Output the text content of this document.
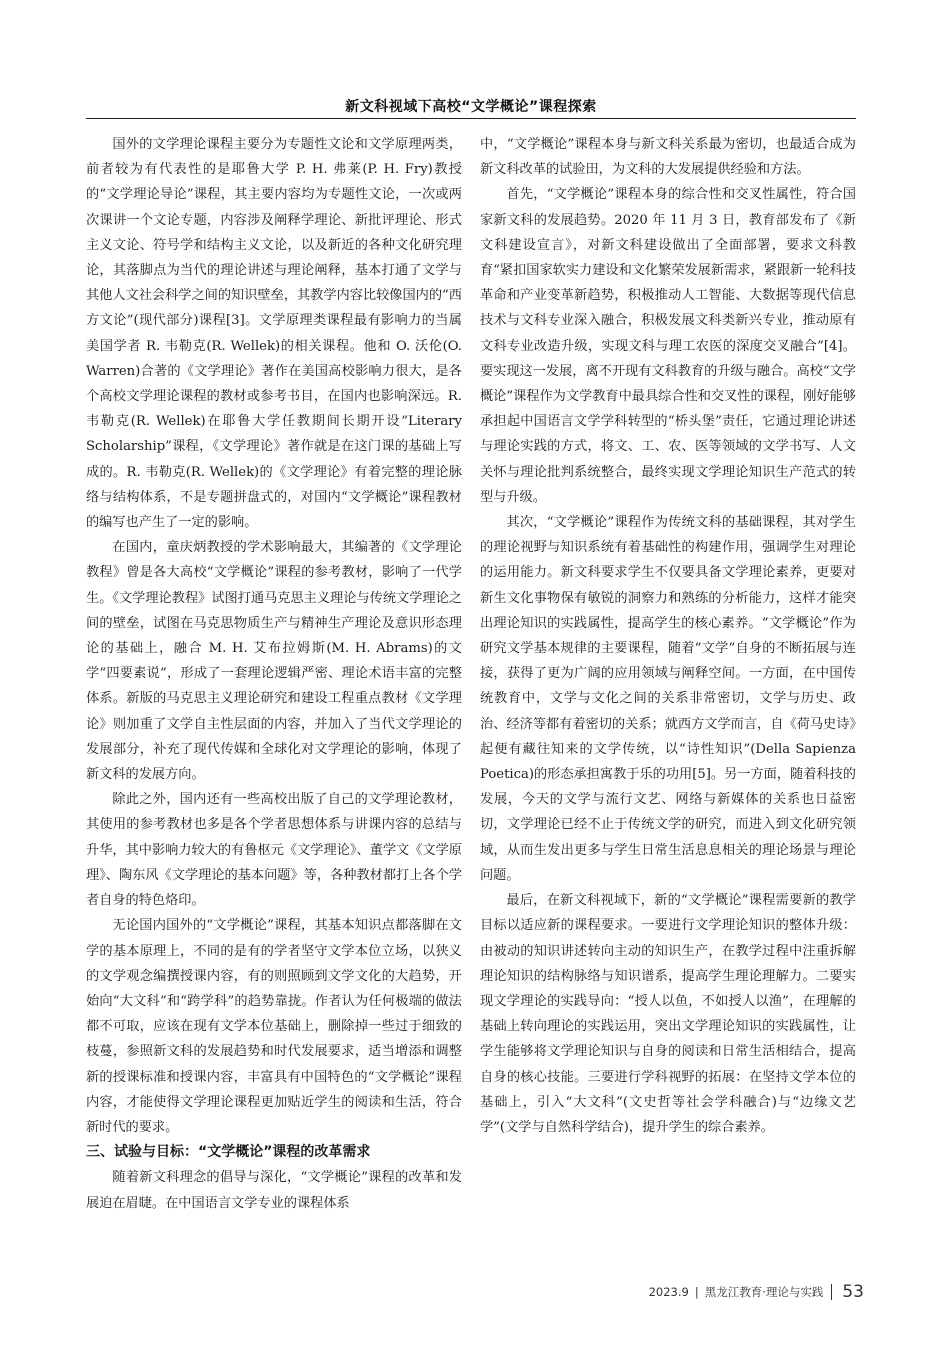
新文科视域下高校“文学概论”课程探索

国外的文学理论课程主要分为专题性文论和文学原理两类，前者较为有代表性的是耶鲁大学 P. H. 弗莱(P. H. Fry)教授的“文学理论导论”课程，其主要内容均为专题性文论，一次或两次课讲一个文论专题，内容涉及阐释学理论、新批评理论、形式主义文论、符号学和结构主义文论，以及新近的各种文化研究理论，其落脚点为当代的理论讲述与理论阐释，基本打通了文学与其他人文社会科学之间的知识壁垒，其教学内容比较像国内的“西方文论”(现代部分)课程[3]。文学原理类课程最有影响力的当属美国学者 R. 韦勒克(R. Wellek)的相关课程。他和 O. 沃伦(O. Warren)合著的《文学理论》著作在美国高校影响力很大，是各个高校文学理论课程的教材或参考书目，在国内也影响深远。R. 韦勒克(R. Wellek)在耶鲁大学任教期间长期开设“Literary Scholarship”课程，《文学理论》著作就是在这门课的基础上写成的。R. 韦勒克(R. Wellek)的《文学理论》有着完整的理论脉络与结构体系，不是专题拼盘式的，对国内“文学概论”课程教材的编写也产生了一定的影响。

在国内，童庆炳教授的学术影响最大，其编著的《文学理论教程》曾是各大高校“文学概论”课程的参考教材，影响了一代学生。《文学理论教程》试图打通马克思主义理论与传统文学理论之间的壁垒，试图在马克思物质生产与精神生产理论及意识形态理论的基础上，融合 M. H. 艾布拉姆斯(M. H. Abrams)的文学“四要素说”，形成了一套理论逻辑严密、理论术语丰富的完整体系。新版的马克思主义理论研究和建设工程重点教材《文学理论》则加重了文学自主性层面的内容，并加入了当代文学理论的发展部分，补充了现代传媒和全球化对文学理论的影响，体现了新文科的发展方向。

除此之外，国内还有一些高校出版了自己的文学理论教材，其使用的参考教材也多是各个学者思想体系与讲课内容的总结与升华，其中影响力较大的有鲁枢元《文学理论》、董学文《文学原理》、陶东风《文学理论的基本问题》等，各种教材都打上各个学者自身的特色烙印。

无论国内国外的“文学概论”课程，其基本知识点都落脚在文学的基本原理上，不同的是有的学者坚守文学本位立场，以狭义的文学观念编撰授课内容，有的则照顾到文学文化的大趋势，开始向“大文科”和“跨学科”的趋势靠拢。作者认为任何极端的做法都不可取，应该在现有文学本位基础上，删除掉一些过于细致的枝蔓，参照新文科的发展趋势和时代发展要求，适当增添和调整新的授课标准和授课内容，丰富具有中国特色的“文学概论”课程内容，才能使得文学理论课程更加贴近学生的阅读和生活，符合新时代的要求。

三、试验与目标：“文学概论”课程的改革需求

随着新文科理念的倡导与深化，“文学概论”课程的改革和发展迫在眉睫。在中国语言文学专业的课程体系

中，“文学概论”课程本身与新文科关系最为密切，也最适合成为新文科改革的试验田，为文科的大发展提供经验和方法。

首先，“文学概论”课程本身的综合性和交叉性属性，符合国家新文科的发展趋势。2020 年 11 月 3 日，教育部发布了《新文科建设宣言》，对新文科建设做出了全面部署，要求文科教育“紧扣国家软实力建设和文化繁荣发展新需求，紧跟新一轮科技革命和产业变革新趋势，积极推动人工智能、大数据等现代信息技术与文科专业深入融合，积极发展文科类新兴专业，推动原有文科专业改造升级，实现文科与理工农医的深度交叉融合”[4]。要实现这一发展，离不开现有文科教育的升级与融合。高校“文学概论”课程作为文学教育中最具综合性和交叉性的课程，刚好能够承担起中国语言文学学科转型的“桥头堡”责任，它通过理论讲述与理论实践的方式，将文、工、农、医等领域的文学书写、人文关怀与理论批判系统整合，最终实现文学理论知识生产范式的转型与升级。

其次，“文学概论”课程作为传统文科的基础课程，其对学生的理论视野与知识系统有着基础性的构建作用，强调学生对理论的运用能力。新文科要求学生不仅要具备文学理论素养，更要对新生文化事物保有敏锐的洞察力和熟练的分析能力，这样才能突出理论知识的实践属性，提高学生的核心素养。“文学概论”作为研究文学基本规律的主要课程，随着“文学”自身的不断拓展与连接，获得了更为广阔的应用领域与阐释空间。一方面，在中国传统教育中，文学与文化之间的关系非常密切，文学与历史、政治、经济等都有着密切的关系；就西方文学而言，自《荷马史诗》起便有藏往知来的文学传统，以“诗性知识”(Della Sapienza Poetica)的形态承担寓教于乐的功用[5]。另一方面，随着科技的发展，今天的文学与流行文艺、网络与新媒体的关系也日益密切，文学理论已经不止于传统文学的研究，而进入到文化研究领域，从而生发出更多与学生日常生活息息相关的理论场景与理论问题。

最后，在新文科视域下，新的“文学概论”课程需要新的教学目标以适应新的课程要求。一要进行文学理论知识的整体升级：由被动的知识讲述转向主动的知识生产，在教学过程中注重拆解理论知识的结构脉络与知识谱系，提高学生理论理解力。二要实现文学理论的实践导向：“授人以鱼，不如授人以渔”，在理解的基础上转向理论的实践运用，突出文学理论知识的实践属性，让学生能够将文学理论知识与自身的阅读和日常生活相结合，提高自身的核心技能。三要进行学科视野的拓展：在坚持文学本位的基础上，引入“大文科”(文史哲等社会学科融合)与“边缘文艺学”(文学与自然科学结合)，提升学生的综合素养。

2023.9 | 黑龙江教育·理论与实践 53
